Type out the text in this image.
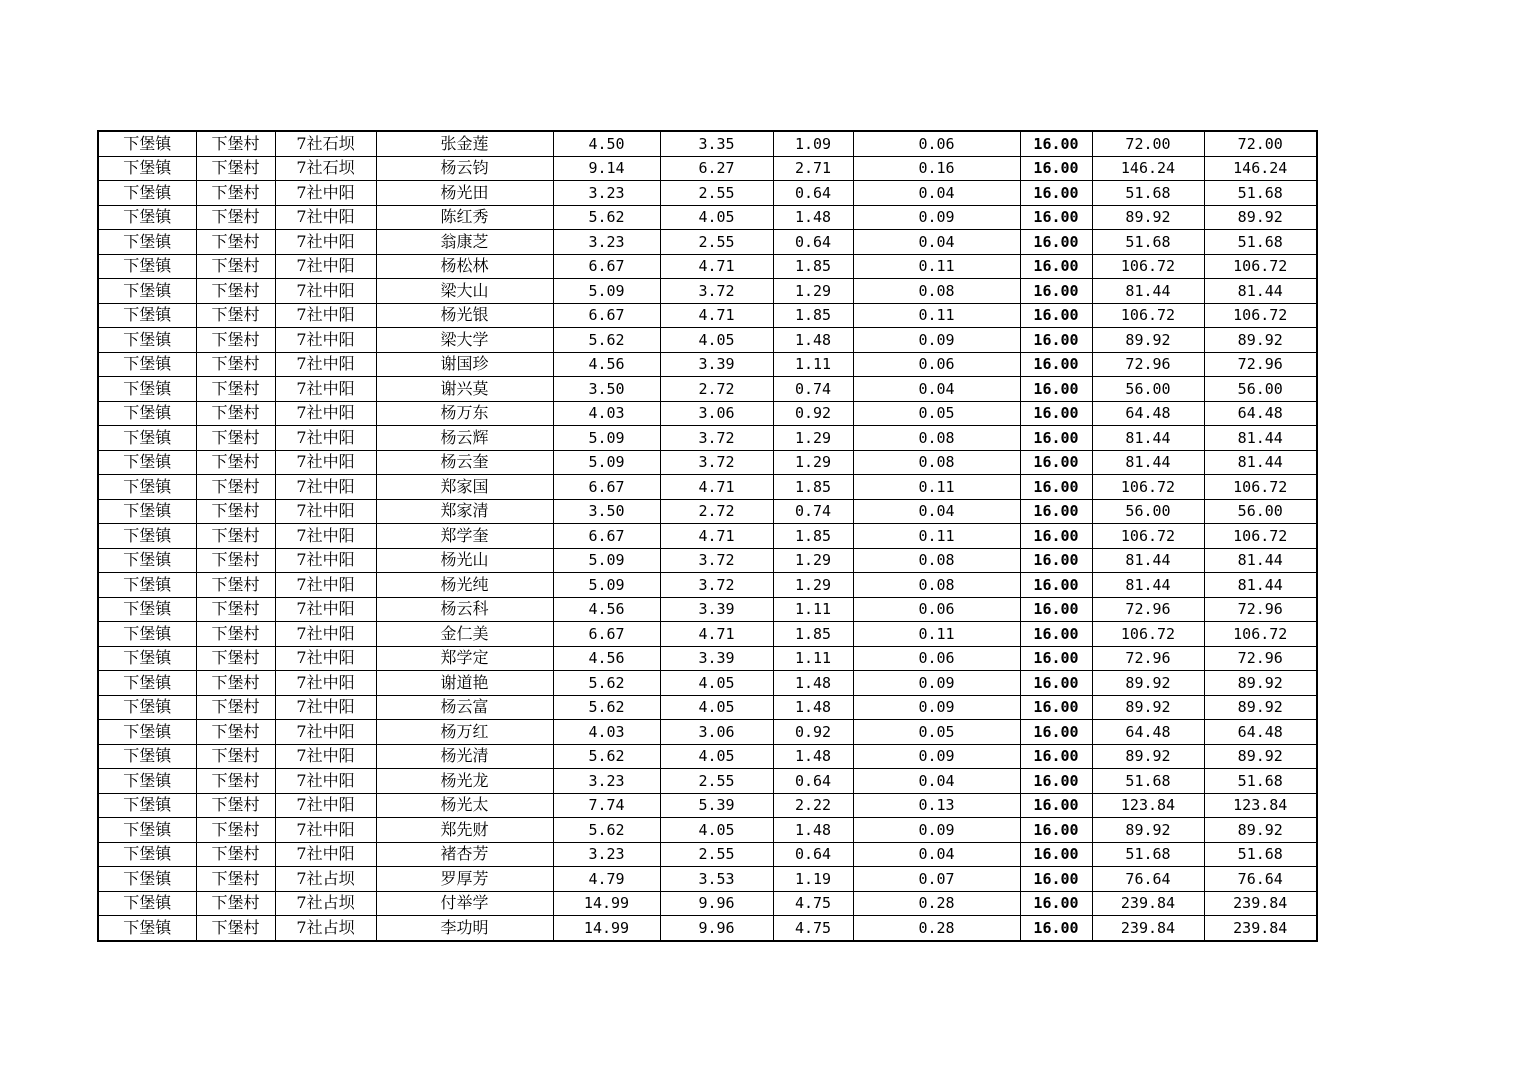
下堡镇	下堡村	7社石坝	张金莲	4.50	3.35	1.09	0.06	16.00	72.00	72.00
下堡镇	下堡村	7社石坝	杨云钧	9.14	6.27	2.71	0.16	16.00	146.24	146.24
下堡镇	下堡村	7社中阳	杨光田	3.23	2.55	0.64	0.04	16.00	51.68	51.68
下堡镇	下堡村	7社中阳	陈红秀	5.62	4.05	1.48	0.09	16.00	89.92	89.92
下堡镇	下堡村	7社中阳	翁康芝	3.23	2.55	0.64	0.04	16.00	51.68	51.68
下堡镇	下堡村	7社中阳	杨松林	6.67	4.71	1.85	0.11	16.00	106.72	106.72
下堡镇	下堡村	7社中阳	梁大山	5.09	3.72	1.29	0.08	16.00	81.44	81.44
下堡镇	下堡村	7社中阳	杨光银	6.67	4.71	1.85	0.11	16.00	106.72	106.72
下堡镇	下堡村	7社中阳	梁大学	5.62	4.05	1.48	0.09	16.00	89.92	89.92
下堡镇	下堡村	7社中阳	谢国珍	4.56	3.39	1.11	0.06	16.00	72.96	72.96
下堡镇	下堡村	7社中阳	谢兴莫	3.50	2.72	0.74	0.04	16.00	56.00	56.00
下堡镇	下堡村	7社中阳	杨万东	4.03	3.06	0.92	0.05	16.00	64.48	64.48
下堡镇	下堡村	7社中阳	杨云辉	5.09	3.72	1.29	0.08	16.00	81.44	81.44
下堡镇	下堡村	7社中阳	杨云奎	5.09	3.72	1.29	0.08	16.00	81.44	81.44
下堡镇	下堡村	7社中阳	郑家国	6.67	4.71	1.85	0.11	16.00	106.72	106.72
下堡镇	下堡村	7社中阳	郑家清	3.50	2.72	0.74	0.04	16.00	56.00	56.00
下堡镇	下堡村	7社中阳	郑学奎	6.67	4.71	1.85	0.11	16.00	106.72	106.72
下堡镇	下堡村	7社中阳	杨光山	5.09	3.72	1.29	0.08	16.00	81.44	81.44
下堡镇	下堡村	7社中阳	杨光纯	5.09	3.72	1.29	0.08	16.00	81.44	81.44
下堡镇	下堡村	7社中阳	杨云科	4.56	3.39	1.11	0.06	16.00	72.96	72.96
下堡镇	下堡村	7社中阳	金仁美	6.67	4.71	1.85	0.11	16.00	106.72	106.72
下堡镇	下堡村	7社中阳	郑学定	4.56	3.39	1.11	0.06	16.00	72.96	72.96
下堡镇	下堡村	7社中阳	谢道艳	5.62	4.05	1.48	0.09	16.00	89.92	89.92
下堡镇	下堡村	7社中阳	杨云富	5.62	4.05	1.48	0.09	16.00	89.92	89.92
下堡镇	下堡村	7社中阳	杨万红	4.03	3.06	0.92	0.05	16.00	64.48	64.48
下堡镇	下堡村	7社中阳	杨光清	5.62	4.05	1.48	0.09	16.00	89.92	89.92
下堡镇	下堡村	7社中阳	杨光龙	3.23	2.55	0.64	0.04	16.00	51.68	51.68
下堡镇	下堡村	7社中阳	杨光太	7.74	5.39	2.22	0.13	16.00	123.84	123.84
下堡镇	下堡村	7社中阳	郑先财	5.62	4.05	1.48	0.09	16.00	89.92	89.92
下堡镇	下堡村	7社中阳	褚杏芳	3.23	2.55	0.64	0.04	16.00	51.68	51.68
下堡镇	下堡村	7社占坝	罗厚芳	4.79	3.53	1.19	0.07	16.00	76.64	76.64
下堡镇	下堡村	7社占坝	付举学	14.99	9.96	4.75	0.28	16.00	239.84	239.84
下堡镇	下堡村	7社占坝	李功明	14.99	9.96	4.75	0.28	16.00	239.84	239.84
